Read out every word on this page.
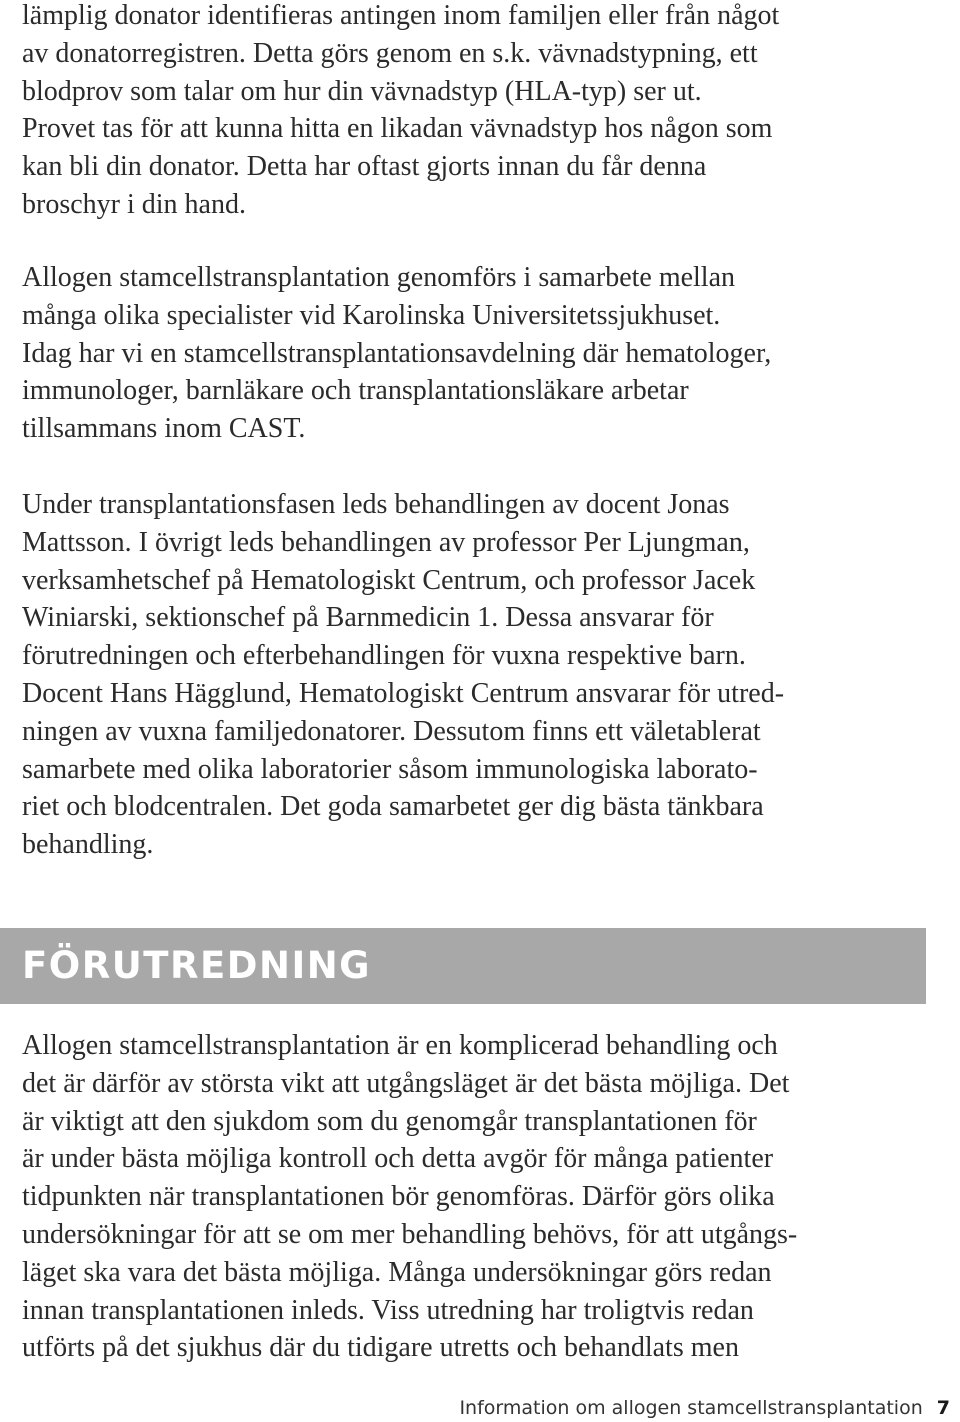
lämplig donator identifieras antingen inom familjen eller från något
av donatorregistren. Detta görs genom en s.k. vävnadstypning, ett
blodprov som talar om hur din vävnadstyp (HLA-typ) ser ut.
Provet tas för att kunna hitta en likadan vävnadstyp hos någon som
kan bli din donator. Detta har oftast gjorts innan du får denna
broschyr i din hand.
Allogen stamcellstransplantation genomförs i samarbete mellan
många olika specialister vid Karolinska Universitetssjukhuset.
Idag har vi en stamcellstransplantationsavdelning där hematologer,
immunologer, barnläkare och transplantationsläkare arbetar
tillsammans inom CAST.
Under transplantationsfasen leds behandlingen av docent Jonas
Mattsson. I övrigt leds behandlingen av professor Per Ljungman,
verksamhetschef på Hematologiskt Centrum, och professor Jacek
Winiarski, sektionschef på Barnmedicin 1. Dessa ansvarar för
förutredningen och efterbehandlingen för vuxna respektive barn.
Docent Hans Hägglund, Hematologiskt Centrum ansvarar för utred-
ningen av vuxna familjedonatorer. Dessutom finns ett väletablerat
samarbete med olika laboratorier såsom immunologiska laborato-
riet och blodcentralen. Det goda samarbetet ger dig bästa tänkbara
behandling.
FÖRUTREDNING
Allogen stamcellstransplantation är en komplicerad behandling och
det är därför av största vikt att utgångsläget är det bästa möjliga. Det
är viktigt att den sjukdom som du genomgår transplantationen för
är under bästa möjliga kontroll och detta avgör för många patienter
tidpunkten när transplantationen bör genomföras. Därför görs olika
undersökningar för att se om mer behandling behövs, för att utgångs-
läget ska vara det bästa möjliga. Många undersökningar görs redan
innan transplantationen inleds. Viss utredning har troligtvis redan
utförts på det sjukhus där du tidigare utretts och behandlats men
Information om allogen stamcellstransplantation 7
